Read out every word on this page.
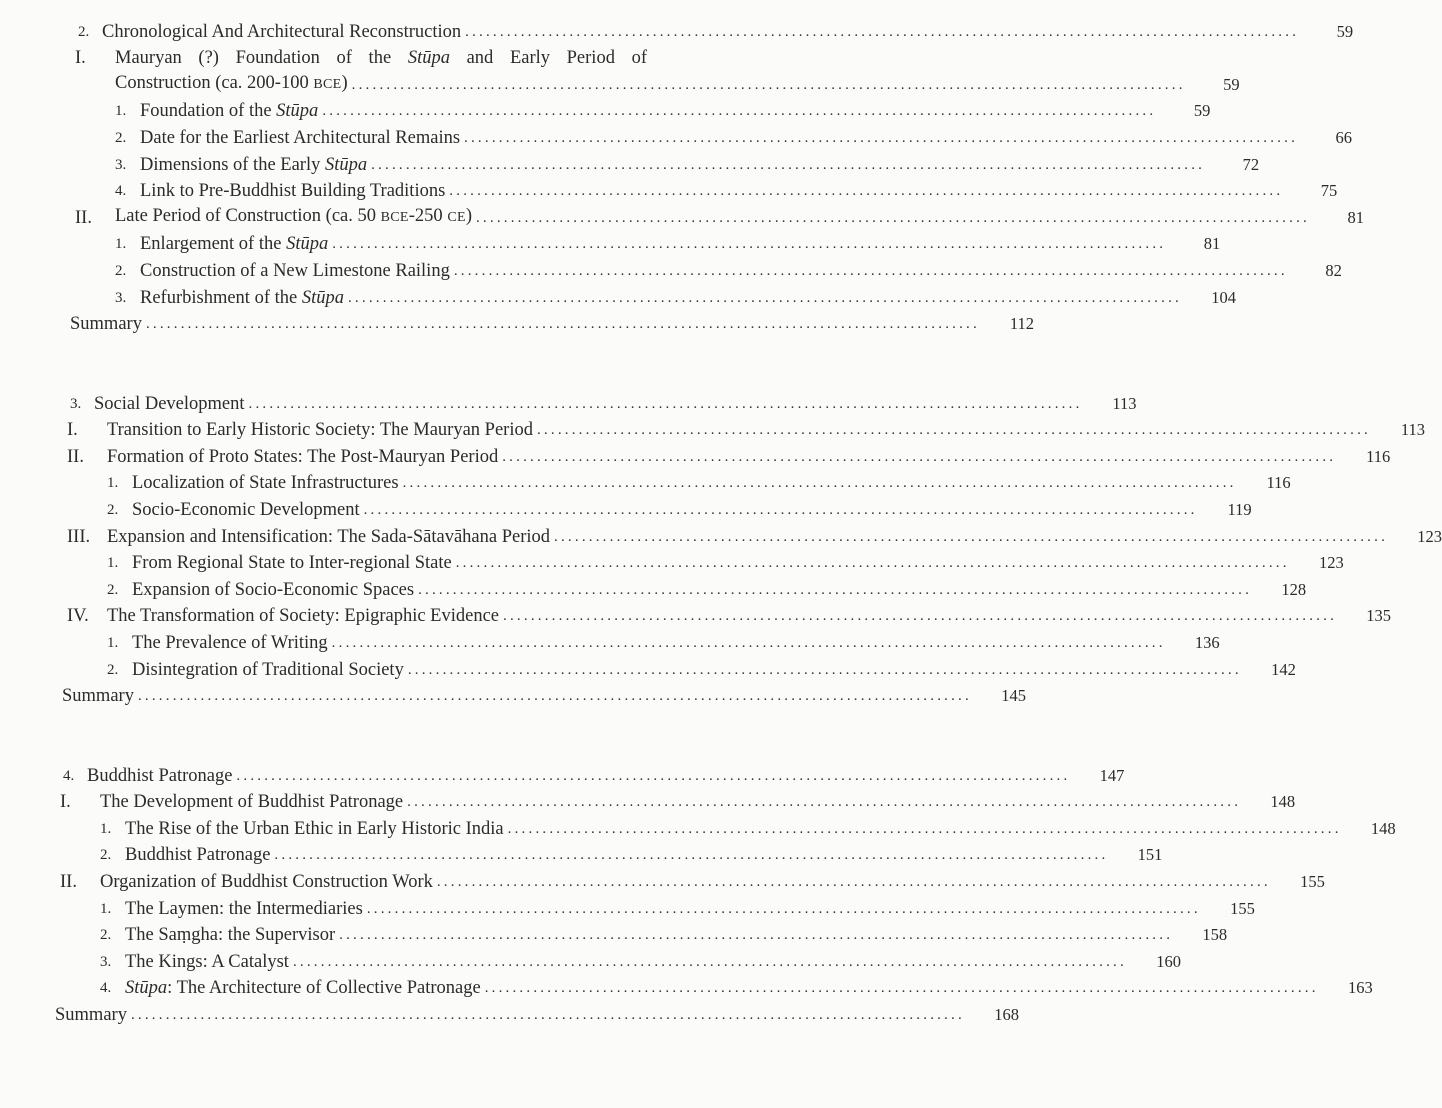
2. Chronological And Architectural Reconstruction ........................................................................................................................	59
I. Mauryan (?) Foundation of the Stūpa and Early Period of
Construction (ca. 200-100 BCE) ........................................................................................................................	59
1. Foundation of the Stūpa ........................................................................................................................	59
2. Date for the Earliest Architectural Remains ........................................................................................................................	66
3. Dimensions of the Early Stūpa ........................................................................................................................	72
4. Link to Pre-Buddhist Building Traditions ........................................................................................................................	75
II. Late Period of Construction (ca. 50 BCE-250 CE) ........................................................................................................................	81
1. Enlargement of the Stūpa ........................................................................................................................	81
2. Construction of a New Limestone Railing ........................................................................................................................	82
3. Refurbishment of the Stūpa ........................................................................................................................	104
Summary ........................................................................................................................	112
3. Social Development ........................................................................................................................	113
I. Transition to Early Historic Society: The Mauryan Period ........................................................................................................................	113
II. Formation of Proto States: The Post-Mauryan Period ........................................................................................................................	116
1. Localization of State Infrastructures ........................................................................................................................	116
2. Socio-Economic Development ........................................................................................................................	119
III. Expansion and Intensification: The Sada-Sātavāhana Period ........................................................................................................................	123
1. From Regional State to Inter-regional State ........................................................................................................................	123
2. Expansion of Socio-Economic Spaces ........................................................................................................................	128
IV. The Transformation of Society: Epigraphic Evidence ........................................................................................................................	135
1. The Prevalence of Writing ........................................................................................................................	136
2. Disintegration of Traditional Society ........................................................................................................................	142
Summary ........................................................................................................................	145
4. Buddhist Patronage ........................................................................................................................	147
I. The Development of Buddhist Patronage ........................................................................................................................	148
1. The Rise of the Urban Ethic in Early Historic India ........................................................................................................................	148
2. Buddhist Patronage ........................................................................................................................	151
II. Organization of Buddhist Construction Work ........................................................................................................................	155
1. The Laymen: the Intermediaries ........................................................................................................................	155
2. The Saṃgha: the Supervisor ........................................................................................................................	158
3. The Kings: A Catalyst ........................................................................................................................	160
4. Stūpa: The Architecture of Collective Patronage ........................................................................................................................	163
Summary ........................................................................................................................	168
